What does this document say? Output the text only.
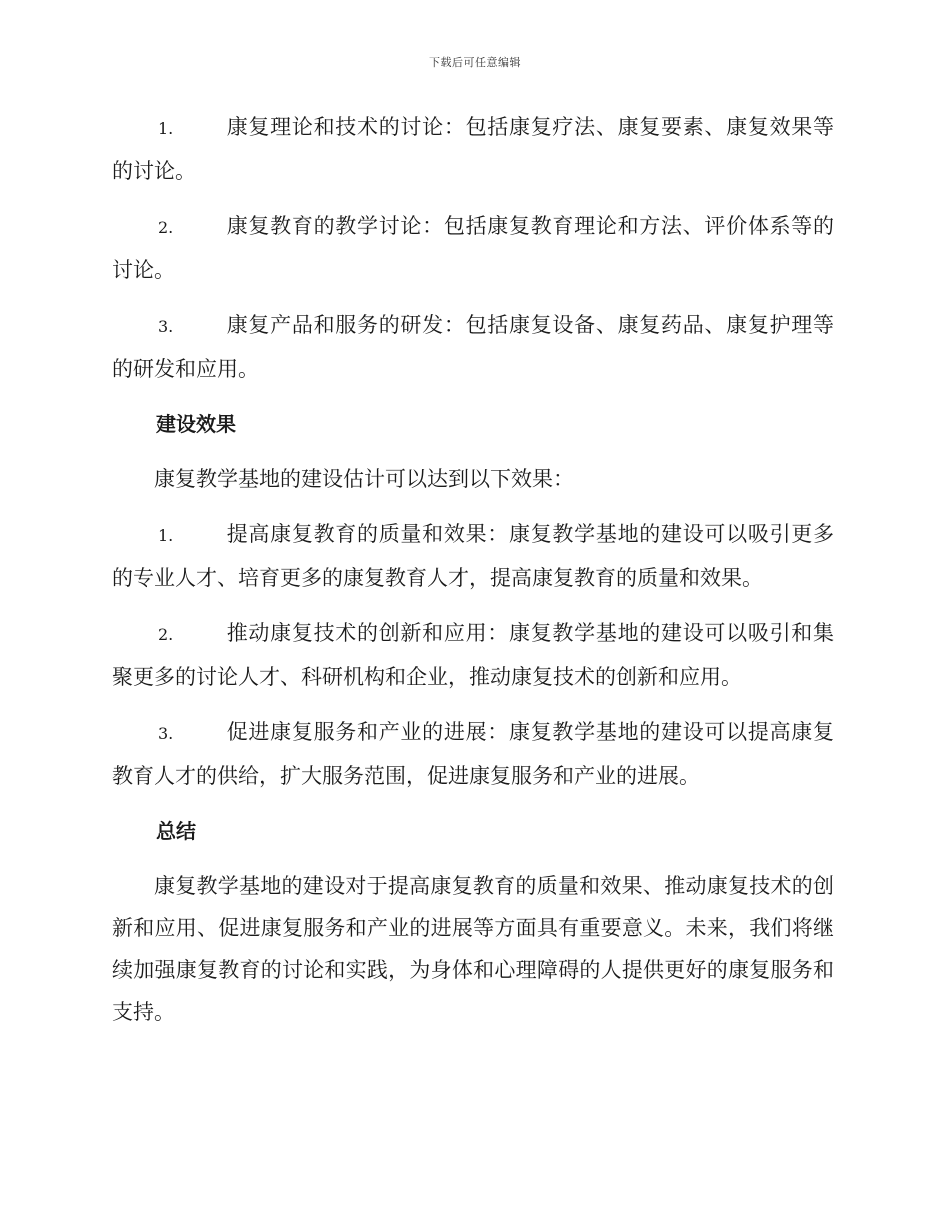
下载后可任意编辑

1.	康复理论和技术的讨论：包括康复疗法、康复要素、康复效果等的讨论。

2.	康复教育的教学讨论：包括康复教育理论和方法、评价体系等的讨论。

3.	康复产品和服务的研发：包括康复设备、康复药品、康复护理等的研发和应用。

建设效果

康复教学基地的建设估计可以达到以下效果：

1.	提高康复教育的质量和效果：康复教学基地的建设可以吸引更多的专业人才、培育更多的康复教育人才，提高康复教育的质量和效果。

2.	推动康复技术的创新和应用：康复教学基地的建设可以吸引和集聚更多的讨论人才、科研机构和企业，推动康复技术的创新和应用。

3.	促进康复服务和产业的进展：康复教学基地的建设可以提高康复教育人才的供给，扩大服务范围，促进康复服务和产业的进展。

总结

康复教学基地的建设对于提高康复教育的质量和效果、推动康复技术的创新和应用、促进康复服务和产业的进展等方面具有重要意义。未来，我们将继续加强康复教育的讨论和实践，为身体和心理障碍的人提供更好的康复服务和支持。
